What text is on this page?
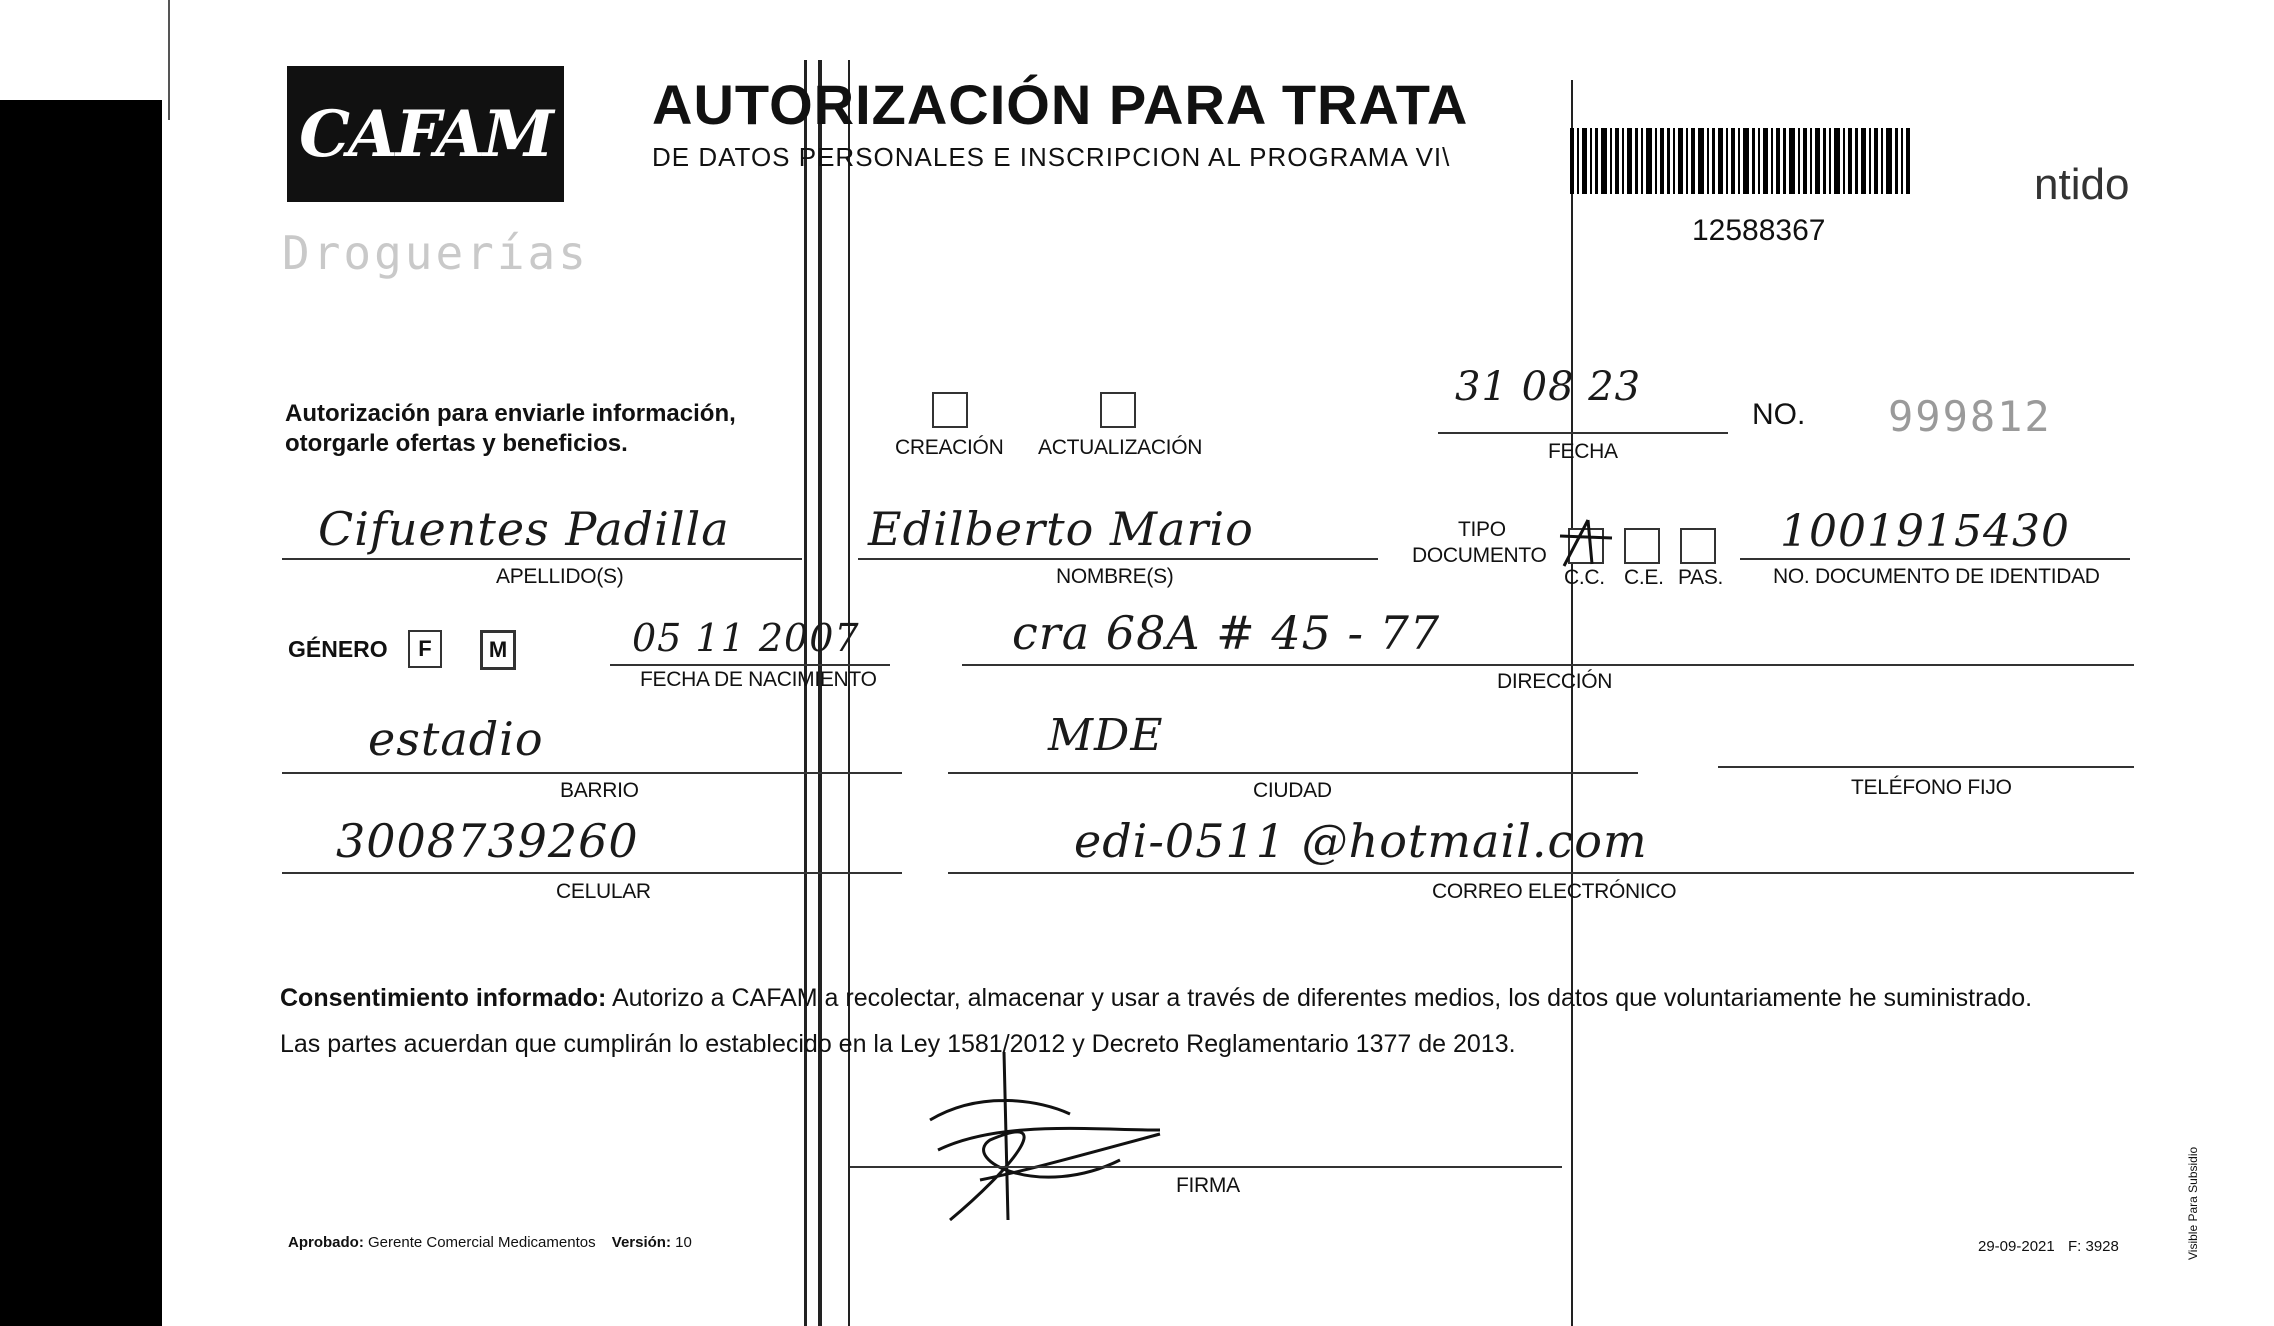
CAFAM
Droguerías
AUTORIZACIÓN PARA TRATA
DE DATOS PERSONALES E INSCRIPCION AL PROGRAMA VI\
12588367
ntido
Autorización para enviarle información,
otorgarle ofertas y beneficios.	CREACIÓN ACTUALIZACIÓN
31 08 23
FECHA
NO. 999812
Cifuentes Padilla
APELLIDO(S)
Edilberto Mario
NOMBRE(S)
TIPO
DOCUMENTO
C.C. C.E. PAS.
1001915430
NO. DOCUMENTO DE IDENTIDAD
GÉNERO F	M	05 11 2007
FECHA DE NACIMIENTO
cra 68A # 45 - 77
DIRECCIÓN
estadio
BARRIO
MDE
CIUDAD	TELÉFONO FIJO
3008739260
CELULAR
edi-0511 @hotmail.com
CORREO ELECTRÓNICO
Consentimiento informado: Autorizo a CAFAM a recolectar, almacenar y usar a través de diferentes medios, los datos que voluntariamente he suministrado.
Las partes acuerdan que cumplirán lo establecido en la Ley 1581/2012 y Decreto Reglamentario 1377 de 2013.
FIRMA
Aprobado: Gerente Comercial Medicamentos Versión: 10	29-09-2021 F: 3928	Visible Para Subsidio
